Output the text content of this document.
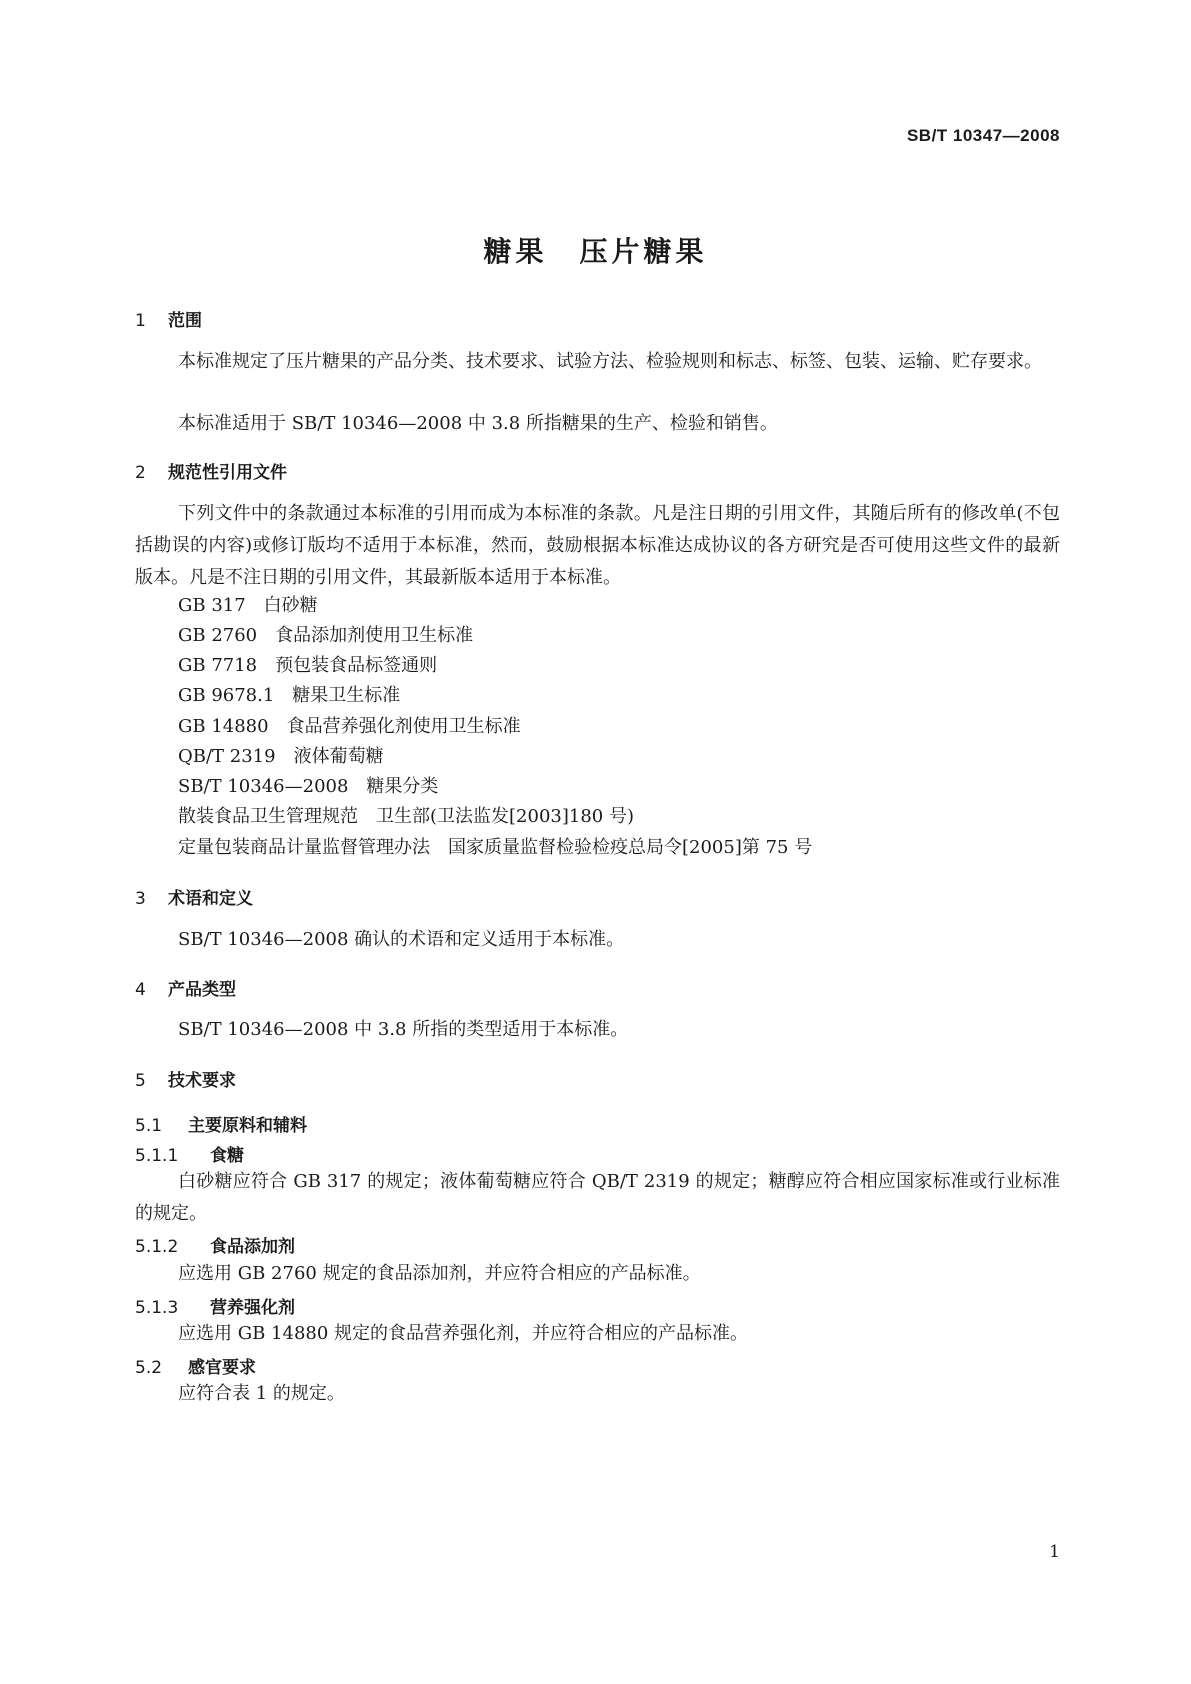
SB/T 10347—2008
糖果　压片糖果
1 范围
本标准规定了压片糖果的产品分类、技术要求、试验方法、检验规则和标志、标签、包装、运输、贮存要求。
本标准适用于 SB/T 10346—2008 中 3.8 所指糖果的生产、检验和销售。
2 规范性引用文件
下列文件中的条款通过本标准的引用而成为本标准的条款。凡是注日期的引用文件，其随后所有的修改单(不包括勘误的内容)或修订版均不适用于本标准，然而，鼓励根据本标准达成协议的各方研究是否可使用这些文件的最新版本。凡是不注日期的引用文件，其最新版本适用于本标准。
GB 317　白砂糖
GB 2760　食品添加剂使用卫生标准
GB 7718　预包装食品标签通则
GB 9678.1　糖果卫生标准
GB 14880　食品营养强化剂使用卫生标准
QB/T 2319　液体葡萄糖
SB/T 10346—2008　糖果分类
散装食品卫生管理规范　卫生部(卫法监发[2003]180 号)
定量包装商品计量监督管理办法　国家质量监督检验检疫总局令[2005]第 75 号
3 术语和定义
SB/T 10346—2008 确认的术语和定义适用于本标准。
4 产品类型
SB/T 10346—2008 中 3.8 所指的类型适用于本标准。
5 技术要求
5.1 主要原料和辅料
5.1.1 食糖
白砂糖应符合 GB 317 的规定；液体葡萄糖应符合 QB/T 2319 的规定；糖醇应符合相应国家标准或行业标准的规定。
5.1.2 食品添加剂
应选用 GB 2760 规定的食品添加剂，并应符合相应的产品标准。
5.1.3 营养强化剂
应选用 GB 14880 规定的食品营养强化剂，并应符合相应的产品标准。
5.2 感官要求
应符合表 1 的规定。
1
